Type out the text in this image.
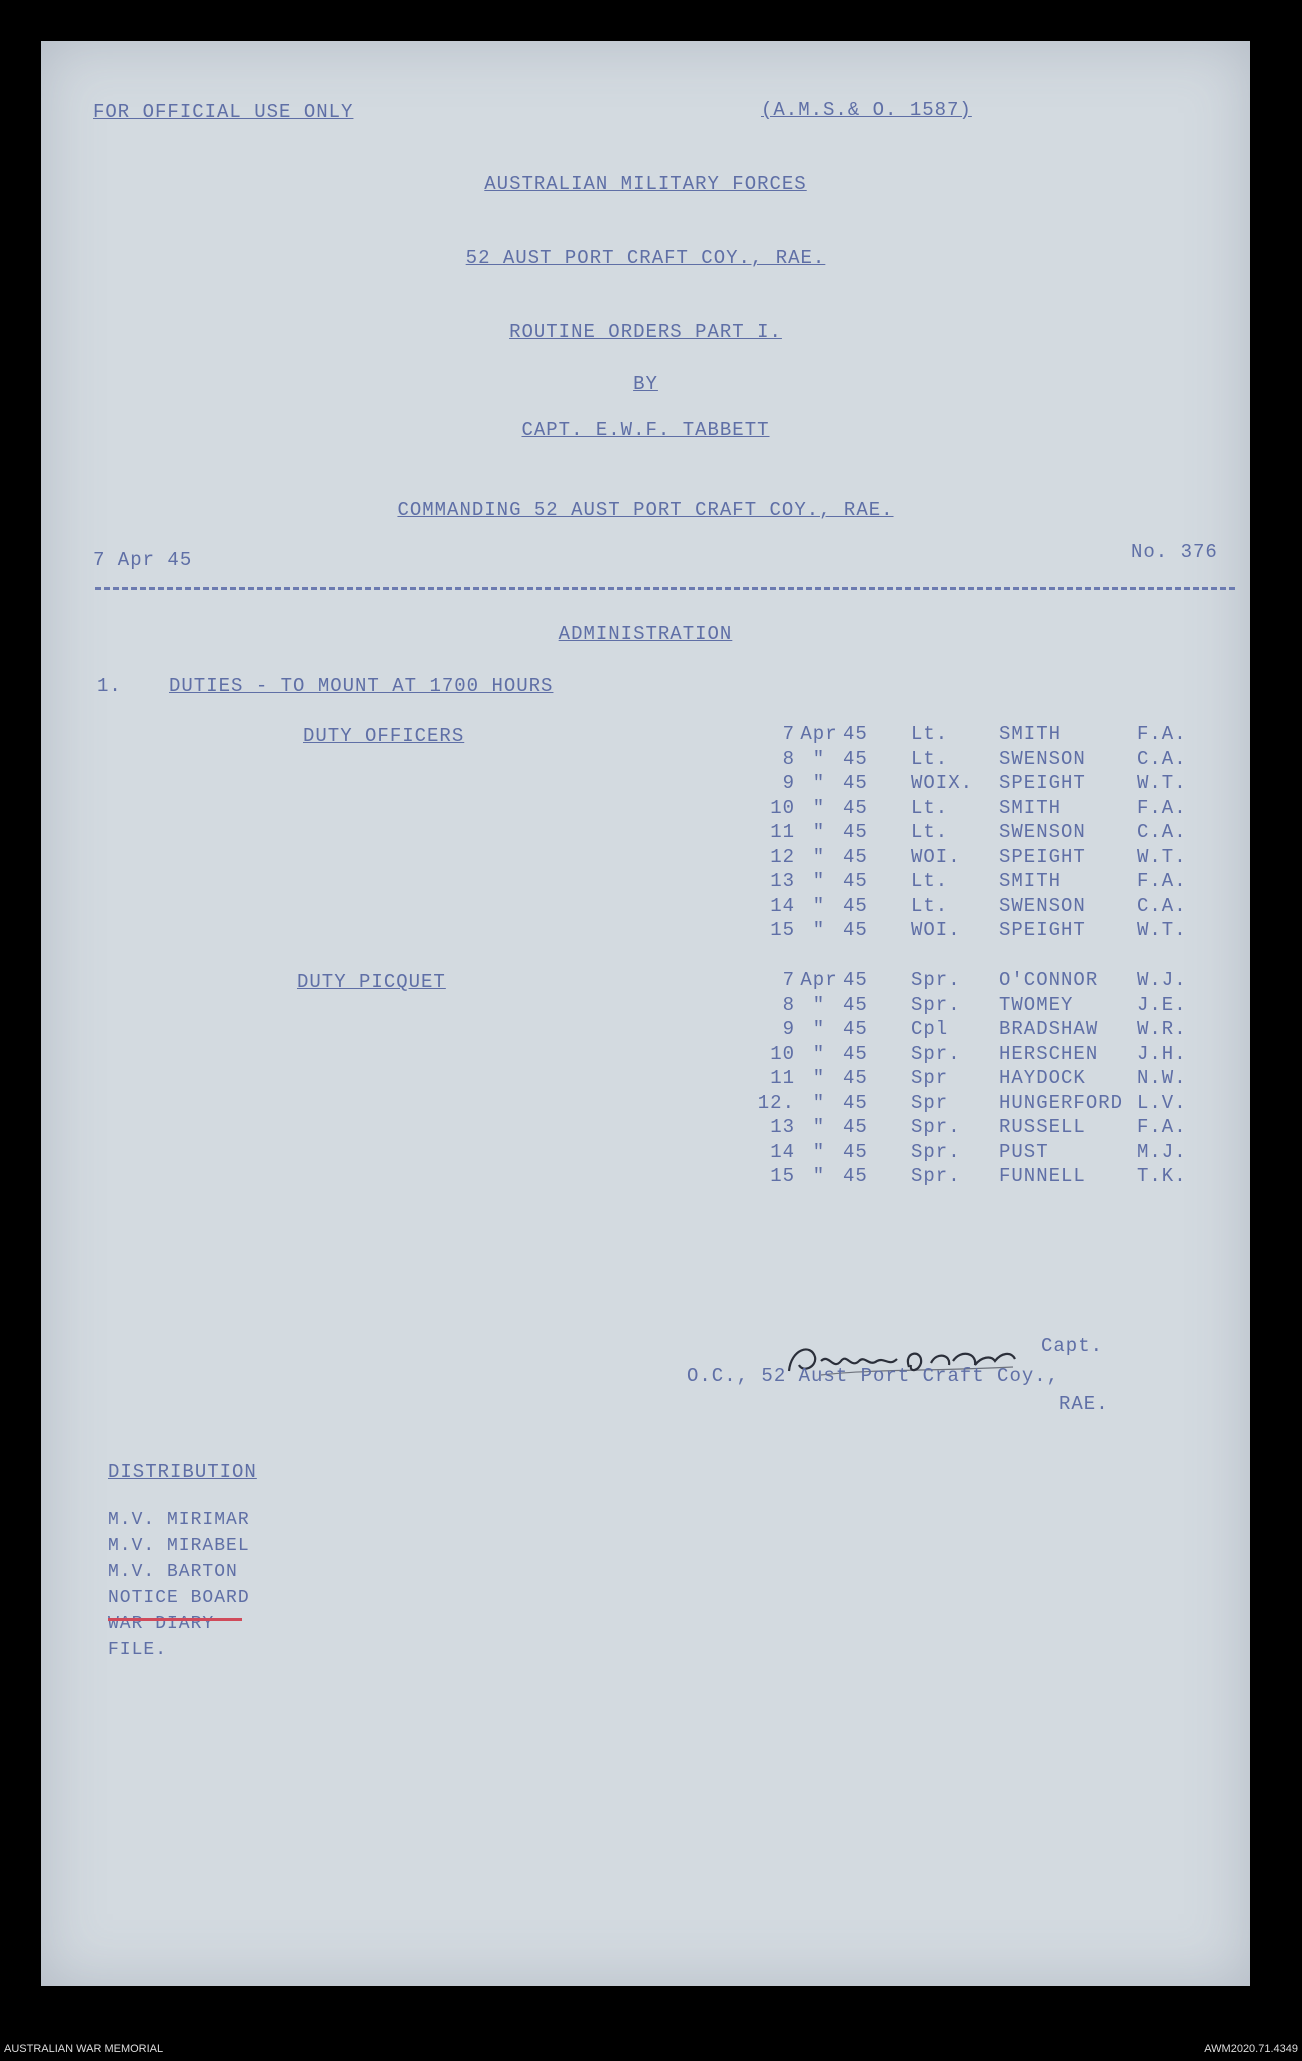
FOR OFFICIAL USE ONLY	(A.M.S.& O. 1587)
AUSTRALIAN MILITARY FORCES
52 AUST PORT CRAFT COY., RAE.
ROUTINE ORDERS PART I.
BY
CAPT. E.W.F. TABBETT
COMMANDING 52 AUST PORT CRAFT COY., RAE.
7 Apr 45	No. 376
ADMINISTRATION
1. DUTIES - TO MOUNT AT 1700 HOURS
DUTY OFFICERS	7 Apr 45	Lt.	SMITH	F.A.
8 " 45	Lt.	SWENSON	C.A.
9 " 45	WOIX.	SPEIGHT	W.T.
10 " 45	Lt.	SMITH	F.A.
11 " 45	Lt.	SWENSON	C.A.
12 " 45	WOI.	SPEIGHT	W.T.
13 " 45	Lt.	SMITH	F.A.
14 " 45	Lt.	SWENSON	C.A.
15 " 45	WOI.	SPEIGHT	W.T.
DUTY PICQUET	7 Apr 45	Spr.	O'CONNOR	W.J.
8 " 45	Spr.	TWOMEY	J.E.
9 " 45	Cpl	BRADSHAW	W.R.
10 " 45	Spr.	HERSCHEN	J.H.
11 " 45	Spr	HAYDOCK	N.W.
12. " 45	Spr	HUNGERFORD L.V.
13 " 45	Spr.	RUSSELL	F.A.
14 " 45	Spr.	PUST	M.J.
15 " 45	Spr.	FUNNELL	T.K.
Capt.
O.C., 52 Aust Port Craft Coy.,
RAE.
DISTRIBUTION
M.V. MIRIMAR
M.V. MIRABEL
M.V. BARTON
NOTICE BOARD
WAR DIARY
FILE.
AUSTRALIAN WAR MEMORIAL	AWM2020.71.4349
